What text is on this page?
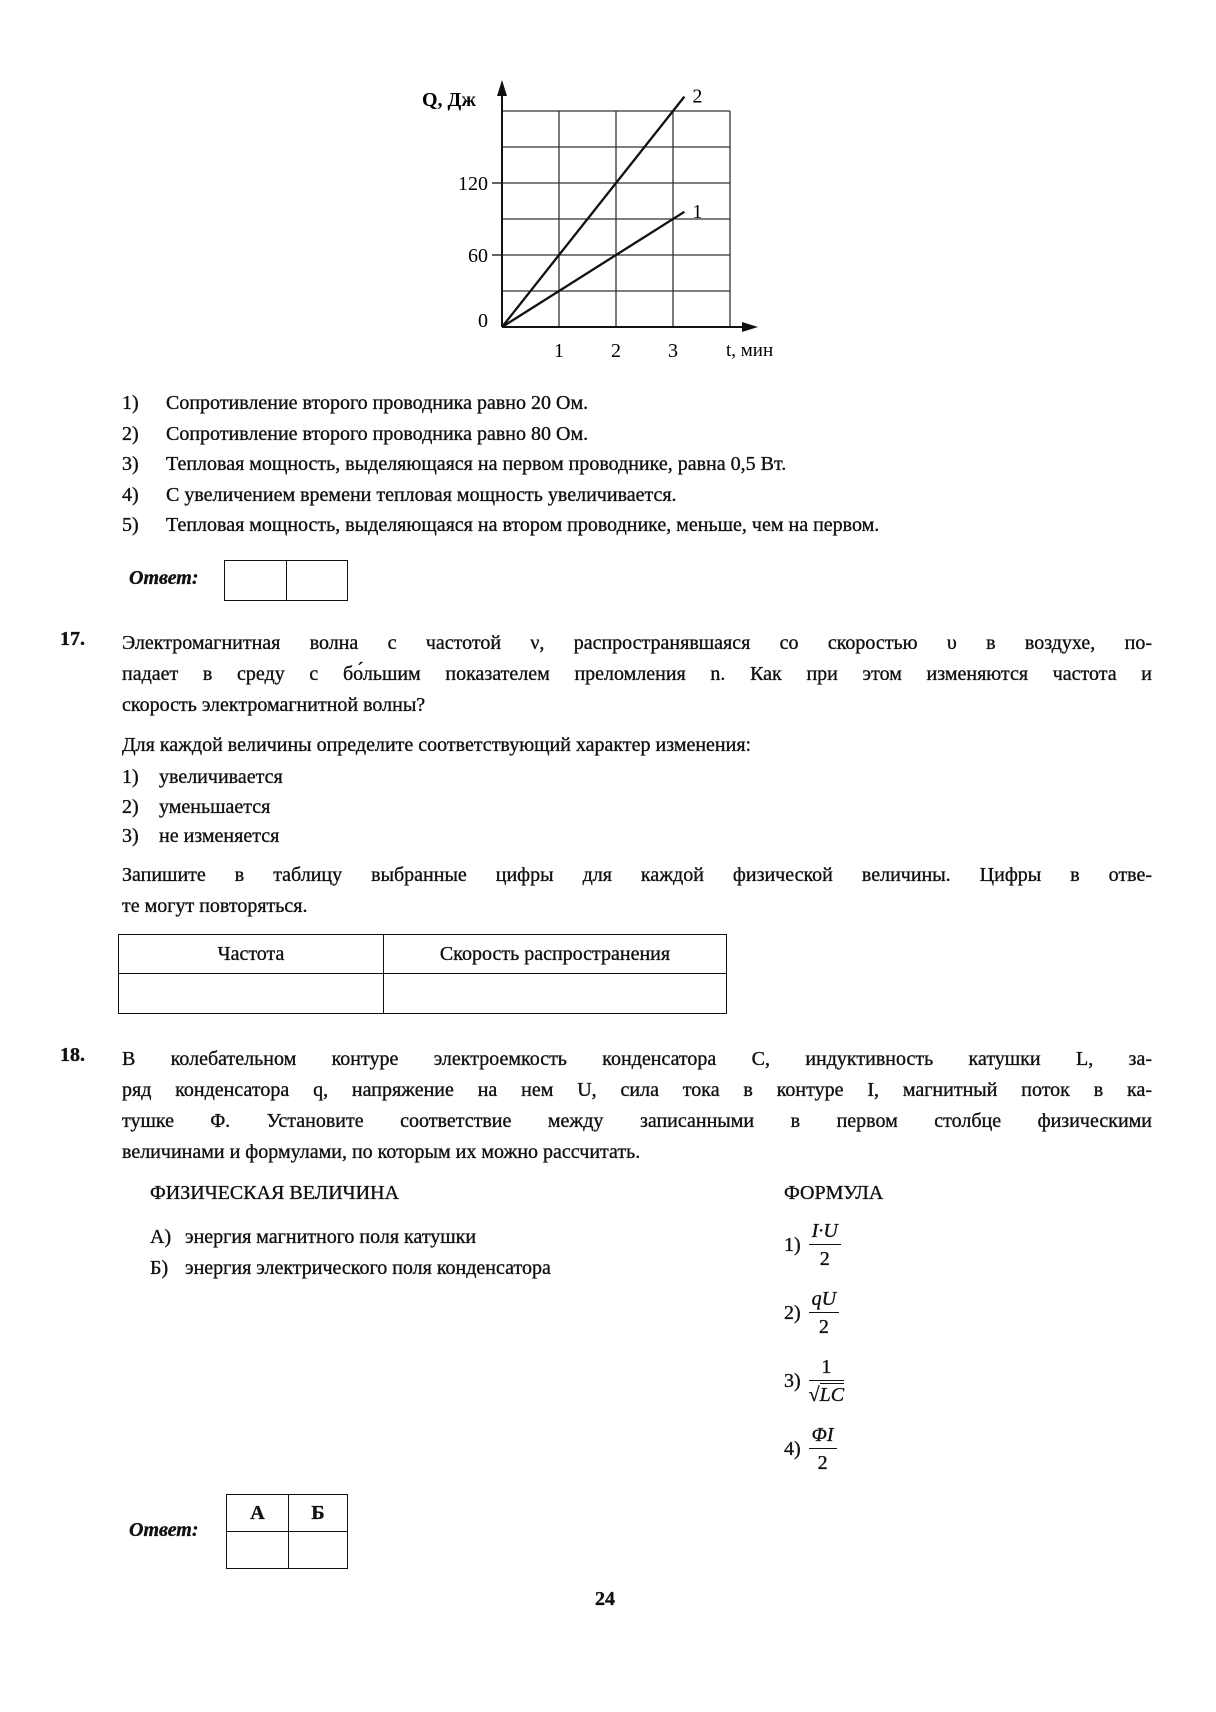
Q, Дж
t, мин
0
60
120
1 2 3
1
2
1) Сопротивление второго проводника равно 20 Ом.
2) Сопротивление второго проводника равно 80 Ом.
3) Тепловая мощность, выделяющаяся на первом проводнике, равна 0,5 Вт.
4) С увеличением времени тепловая мощность увеличивается.
5) Тепловая мощность, выделяющаяся на втором проводнике, меньше, чем на первом.
Ответ:
17. Электромагнитная волна с частотой ν, распространявшаяся со скоростью υ в воздухе, по-
падает в среду с бо́льшим показателем преломления n. Как при этом изменяются частота и
скорость электромагнитной волны?
Для каждой величины определите соответствующий характер изменения:
1) увеличивается
2) уменьшается
3) не изменяется
Запишите в таблицу выбранные цифры для каждой физической величины. Цифры в отве-
те могут повторяться.
Частота	Скорость распространения

18. В колебательном контуре электроемкость конденсатора C, индуктивность катушки L, за-
ряд конденсатора q, напряжение на нем U, сила тока в контуре I, магнитный поток в ка-
тушке Φ. Установите соответствие между записанными в первом столбце физическими
величинами и формулами, по которым их можно рассчитать.
ФИЗИЧЕСКАЯ ВЕЛИЧИНА	ФОРМУЛА
А) энергия магнитного поля катушки
Б) энергия электрического поля конденсатора
1)
I·U
2
2)
qU
2
3)
1
√LC
4)
ΦI
2
Ответ:
А	Б

24
